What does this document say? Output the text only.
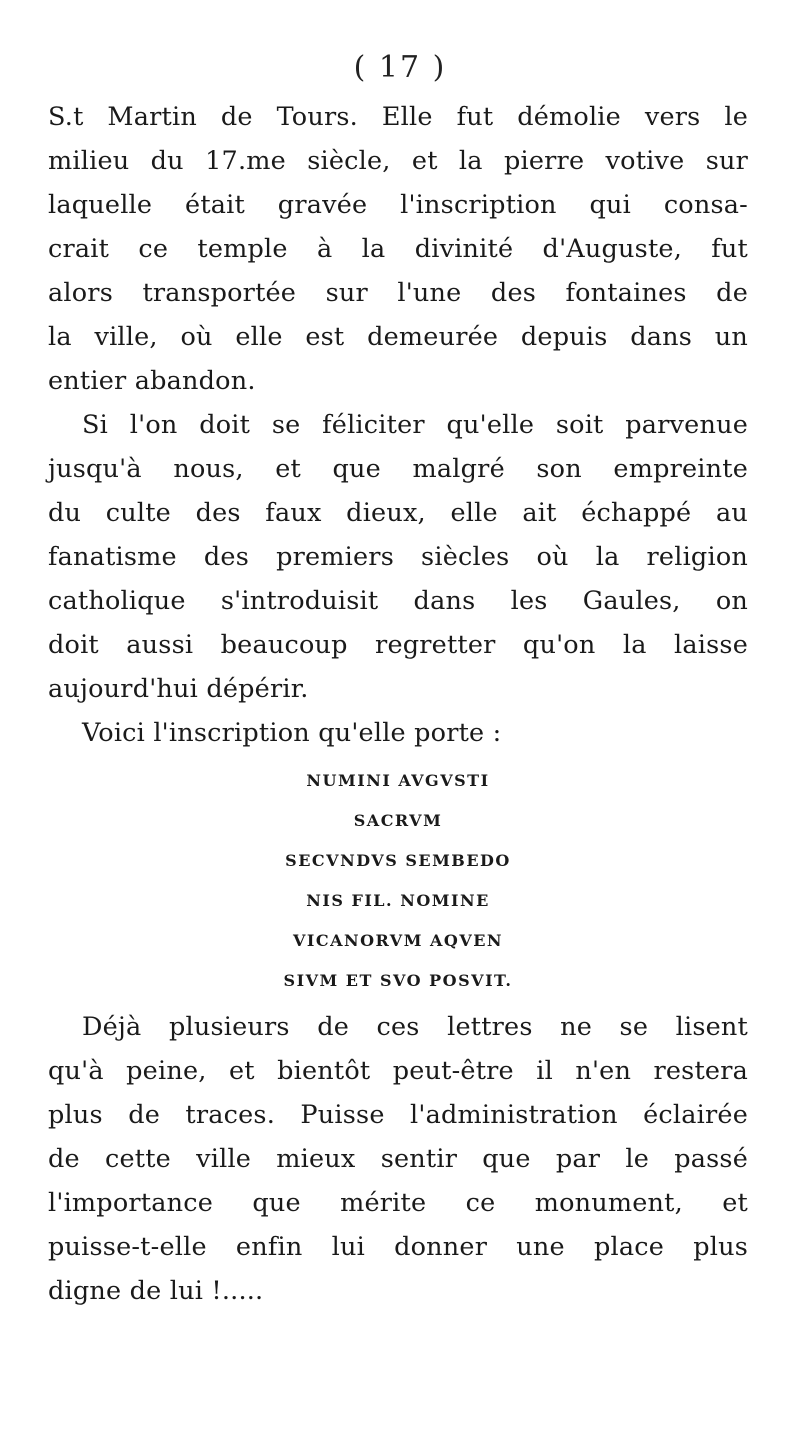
( 17 )
S.t Martin de Tours. Elle fut démolie vers le
milieu du 17.me siècle, et la pierre votive sur
laquelle était gravée l'inscription qui consa-
crait ce temple à la divinité d'Auguste, fut
alors transportée sur l'une des fontaines de
la ville, où elle est demeurée depuis dans un
entier abandon.
Si l'on doit se féliciter qu'elle soit parvenue
jusqu'à nous, et que malgré son empreinte
du culte des faux dieux, elle ait échappé au
fanatisme des premiers siècles où la religion
catholique s'introduisit dans les Gaules, on
doit aussi beaucoup regretter qu'on la laisse
aujourd'hui dépérir.
Voici l'inscription qu'elle porte :
NUMINI AVGVSTI
SACRVM
SECVNDVS SEMBEDO
NIS FIL. NOMINE
VICANORVM AQVEN
SIVM ET SVO POSVIT.
Déjà plusieurs de ces lettres ne se lisent
qu'à peine, et bientôt peut-être il n'en restera
plus de traces. Puisse l'administration éclairée
de cette ville mieux sentir que par le passé
l'importance que mérite ce monument, et
puisse-t-elle enfin lui donner une place plus
digne de lui !.....
